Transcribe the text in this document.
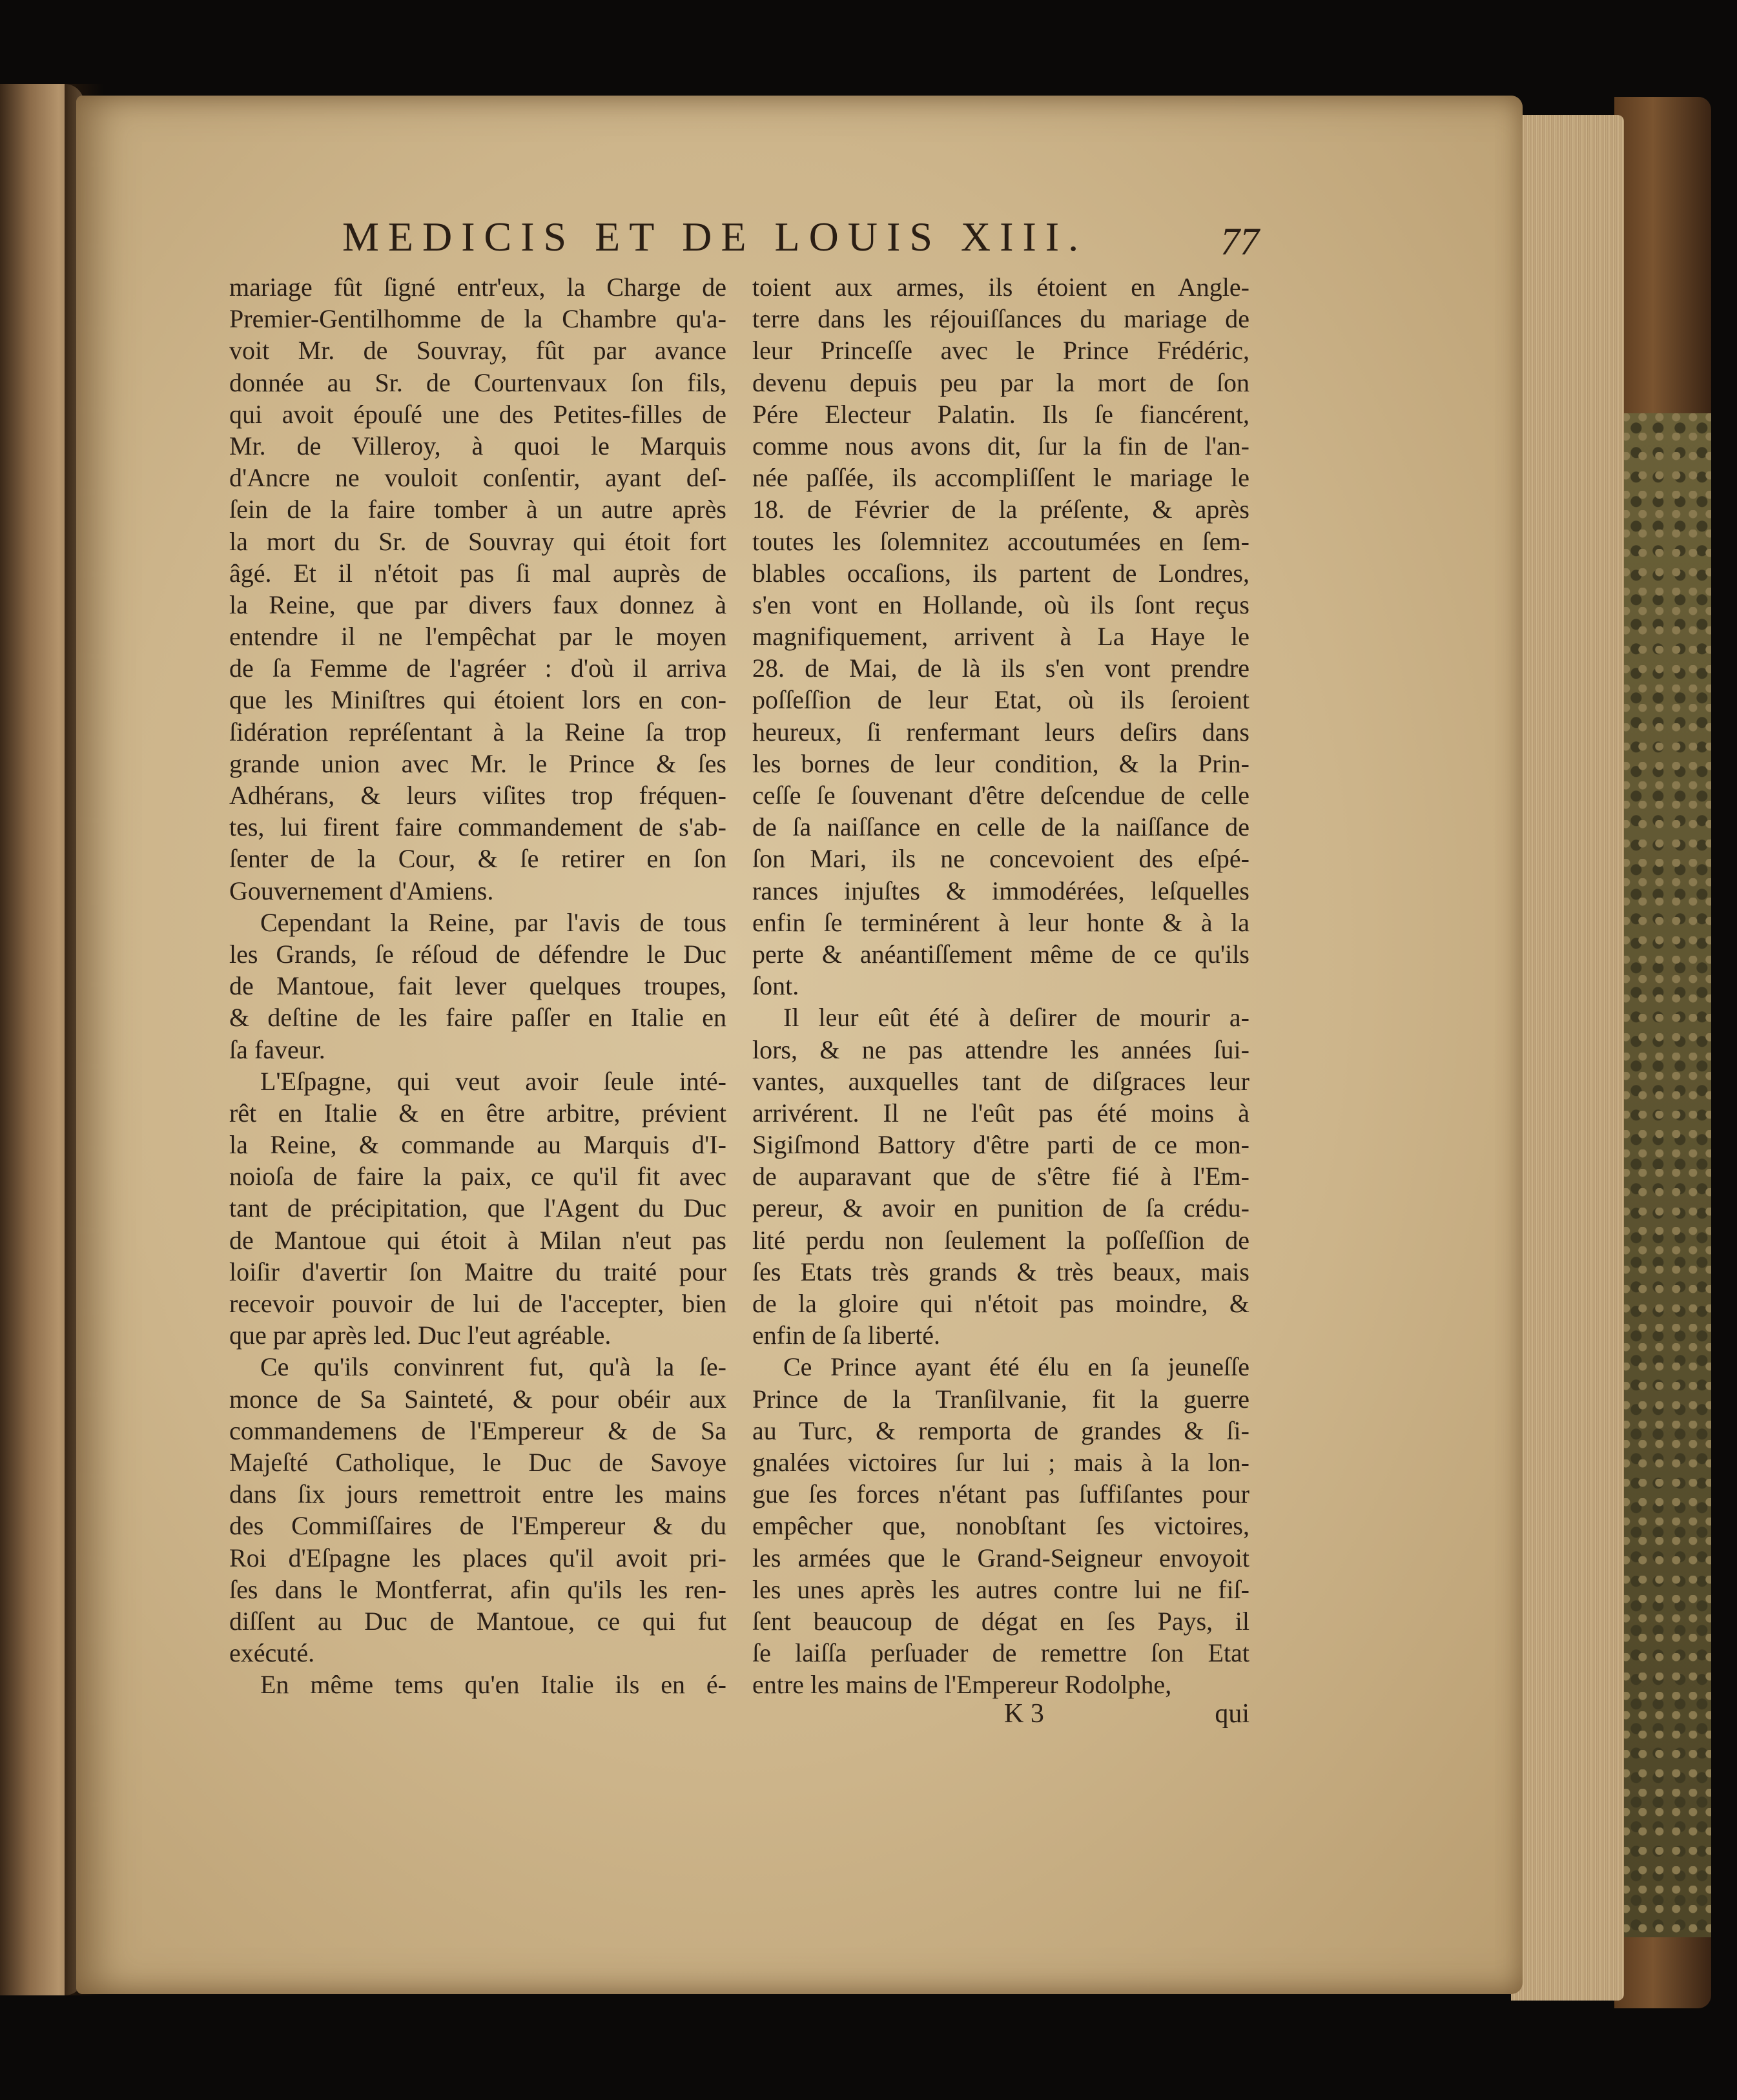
MEDICIS ET DE LOUIS XIII.	77
mariage fût ſigné entr'eux, la Charge de
Premier-Gentilhomme de la Chambre qu'a-
voit Mr. de Souvray, fût par avance
donnée au Sr. de Courtenvaux ſon fils,
qui avoit épouſé une des Petites-filles de
Mr. de Villeroy, à quoi le Marquis
d'Ancre ne vouloit conſentir, ayant deſ-
ſein de la faire tomber à un autre après
la mort du Sr. de Souvray qui étoit fort
âgé. Et il n'étoit pas ſi mal auprès de
la Reine, que par divers faux donnez à
entendre il ne l'empêchat par le moyen
de ſa Femme de l'agréer : d'où il arriva
que les Miniſtres qui étoient lors en con-
ſidération repréſentant à la Reine ſa trop
grande union avec Mr. le Prince & ſes
Adhérans, & leurs viſites trop fréquen-
tes, lui firent faire commandement de s'ab-
ſenter de la Cour, & ſe retirer en ſon
Gouvernement d'Amiens.
Cependant la Reine, par l'avis de tous
les Grands, ſe réſoud de défendre le Duc
de Mantoue, fait lever quelques troupes,
& deſtine de les faire paſſer en Italie en
ſa faveur.
L'Eſpagne, qui veut avoir ſeule inté-
rêt en Italie & en être arbitre, prévient
la Reine, & commande au Marquis d'I-
noioſa de faire la paix, ce qu'il fit avec
tant de précipitation, que l'Agent du Duc
de Mantoue qui étoit à Milan n'eut pas
loiſir d'avertir ſon Maitre du traité pour
recevoir pouvoir de lui de l'accepter, bien
que par après led. Duc l'eut agréable.
Ce qu'ils convinrent fut, qu'à la ſe-
monce de Sa Sainteté, & pour obéir aux
commandemens de l'Empereur & de Sa
Majeſté Catholique, le Duc de Savoye
dans ſix jours remettroit entre les mains
des Commiſſaires de l'Empereur & du
Roi d'Eſpagne les places qu'il avoit pri-
ſes dans le Montferrat, afin qu'ils les ren-
diſſent au Duc de Mantoue, ce qui fut
exécuté.
En même tems qu'en Italie ils en é-
toient aux armes, ils étoient en Angle-
terre dans les réjouiſſances du mariage de
leur Princeſſe avec le Prince Frédéric,
devenu depuis peu par la mort de ſon
Pére Electeur Palatin. Ils ſe fiancérent,
comme nous avons dit, ſur la fin de l'an-
née paſſée, ils accompliſſent le mariage le
18. de Février de la préſente, & après
toutes les ſolemnitez accoutumées en ſem-
blables occaſions, ils partent de Londres,
s'en vont en Hollande, où ils ſont reçus
magnifiquement, arrivent à La Haye le
28. de Mai, de là ils s'en vont prendre
poſſeſſion de leur Etat, où ils ſeroient
heureux, ſi renfermant leurs deſirs dans
les bornes de leur condition, & la Prin-
ceſſe ſe ſouvenant d'être deſcendue de celle
de ſa naiſſance en celle de la naiſſance de
ſon Mari, ils ne concevoient des eſpé-
rances injuſtes & immodérées, leſquelles
enfin ſe terminérent à leur honte & à la
perte & anéantiſſement même de ce qu'ils
ſont.
Il leur eût été à deſirer de mourir a-
lors, & ne pas attendre les années ſui-
vantes, auxquelles tant de diſgraces leur
arrivérent. Il ne l'eût pas été moins à
Sigiſmond Battory d'être parti de ce mon-
de auparavant que de s'être fié à l'Em-
pereur, & avoir en punition de ſa crédu-
lité perdu non ſeulement la poſſeſſion de
ſes Etats très grands & très beaux, mais
de la gloire qui n'étoit pas moindre, &
enfin de ſa liberté.
Ce Prince ayant été élu en ſa jeuneſſe
Prince de la Tranſilvanie, fit la guerre
au Turc, & remporta de grandes & ſi-
gnalées victoires ſur lui ; mais à la lon-
gue ſes forces n'étant pas ſuffiſantes pour
empêcher que, nonobſtant ſes victoires,
les armées que le Grand-Seigneur envoyoit
les unes après les autres contre lui ne fiſ-
ſent beaucoup de dégat en ſes Pays, il
ſe laiſſa perſuader de remettre ſon Etat
entre les mains de l'Empereur Rodolphe,
K 3	qui
